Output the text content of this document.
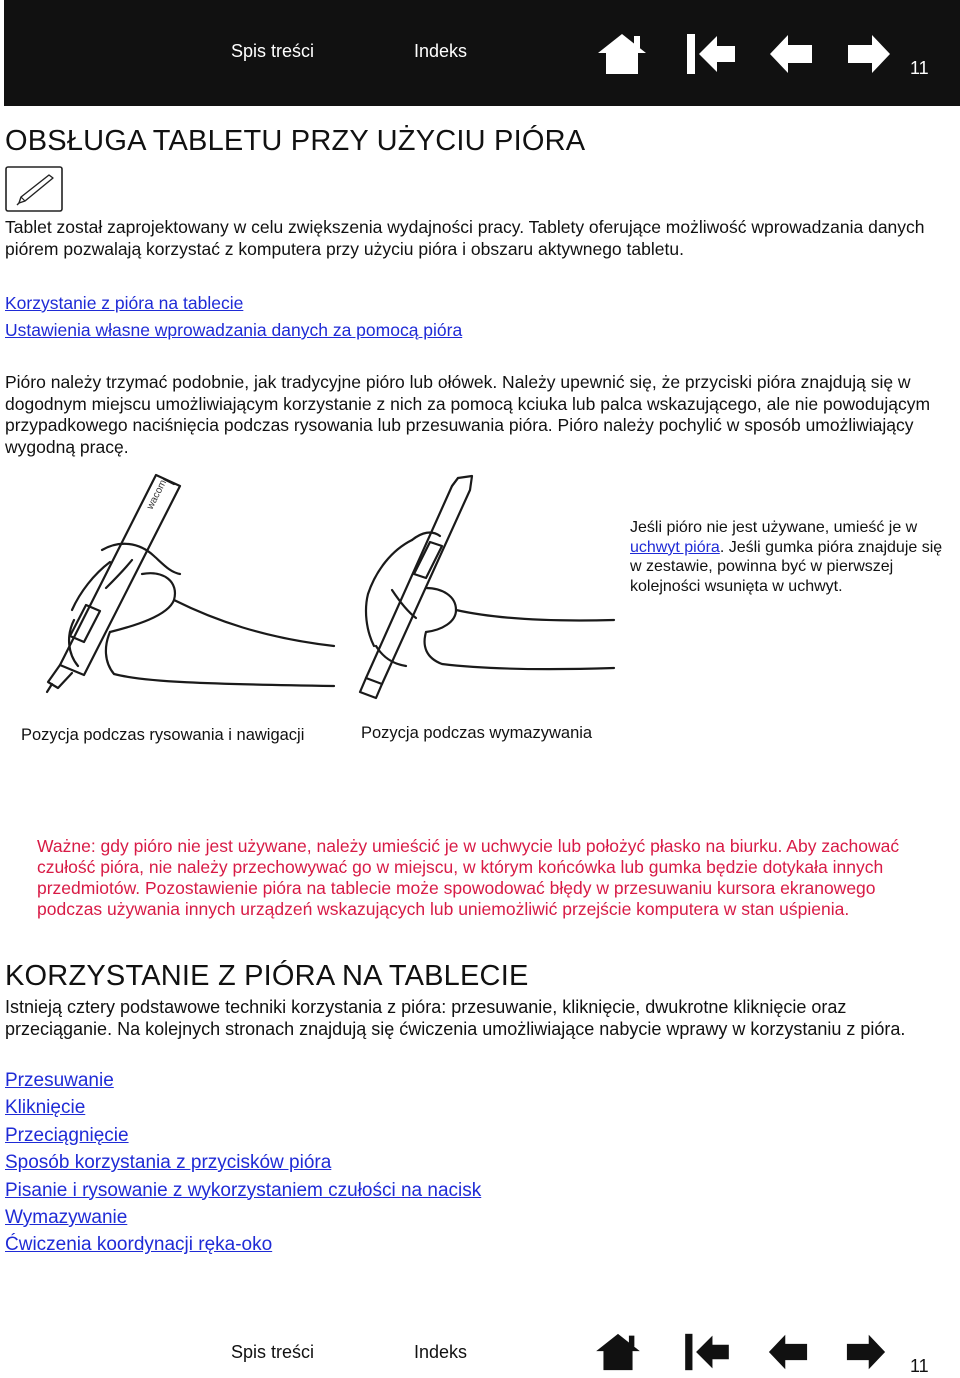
Spis treści	Indeks
11
OBSŁUGA TABLETU PRZY UŻYCIU PIÓRA

Tablet został zaprojektowany w celu zwiększenia wydajności pracy. Tablety oferujące możliwość wprowadzania danych piórem pozwalają korzystać z komputera przy użyciu pióra i obszaru aktywnego tabletu.

Korzystanie z pióra na tablecie
Ustawienia własne wprowadzania danych za pomocą pióra

Pióro należy trzymać podobnie, jak tradycyjne pióro lub ołówek. Należy upewnić się, że przyciski pióra znajdują się w dogodnym miejscu umożliwiającym korzystanie z nich za pomocą kciuka lub palca wskazującego, ale nie powodującym przypadkowego naciśnięcia podczas rysowania lub przesuwania pióra. Pióro należy pochylić w sposób umożliwiający wygodną pracę.

wacom

Jeśli pióro nie jest używane, umieść je w uchwyt pióra. Jeśli gumka pióra znajduje się w zestawie, powinna być w pierwszej kolejności wsunięta w uchwyt.

Pozycja podczas rysowania i nawigacji	Pozycja podczas wymazywania

Ważne: gdy pióro nie jest używane, należy umieścić je w uchwycie lub położyć płasko na biurku. Aby zachować czułość pióra, nie należy przechowywać go w miejscu, w którym końcówka lub gumka będzie dotykała innych przedmiotów. Pozostawienie pióra na tablecie może spowodować błędy w przesuwaniu kursora ekranowego podczas używania innych urządzeń wskazujących lub uniemożliwić przejście komputera w stan uśpienia.

KORZYSTANIE Z PIÓRA NA TABLECIE

Istnieją cztery podstawowe techniki korzystania z pióra: przesuwanie, kliknięcie, dwukrotne kliknięcie oraz przeciąganie. Na kolejnych stronach znajdują się ćwiczenia umożliwiające nabycie wprawy w korzystaniu z pióra.

Przesuwanie
Kliknięcie
Przeciągnięcie
Sposób korzystania z przycisków pióra
Pisanie i rysowanie z wykorzystaniem czułości na nacisk
Wymazywanie
Ćwiczenia koordynacji ręka-oko
Spis treści	Indeks
11
